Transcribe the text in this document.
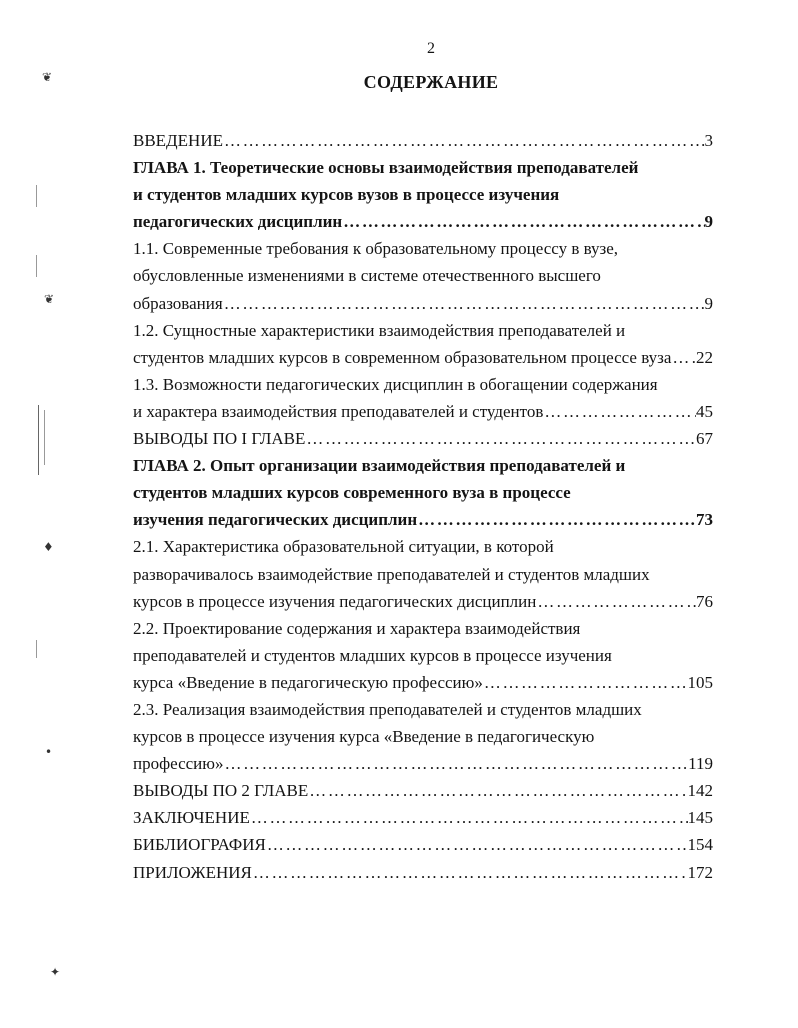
2
СОДЕРЖАНИЕ
❦
❦
♦
•
✦
ВВЕДЕНИЕ ……………………………………………………………………………………………………………………………………	3
ГЛАВА 1. Теоретические основы взаимодействия преподавателей
и студентов младших курсов вузов в процессе изучения
педагогических дисциплин ……………………………………………………………………………………………………………………………………	9
1.1. Современные требования к образовательному процессу в вузе,
обусловленные изменениями в системе отечественного высшего
образования ……………………………………………………………………………………………………………………………………	9
1.2. Сущностные характеристики взаимодействия преподавателей и
студентов младших курсов в современном образовательном процессе вуза …………………………………………………………………………………………………………………………………… 22
1.3. Возможности педагогических дисциплин в обогащении содержания
и характера взаимодействия преподавателей и студентов ……………………………………………………………………………………………………………………………………	45
ВЫВОДЫ ПО I ГЛАВЕ ……………………………………………………………………………………………………………………………………	67
ГЛАВА 2. Опыт организации взаимодействия преподавателей и
студентов младших курсов современного вуза в процессе
изучения педагогических дисциплин ……………………………………………………………………………………………………………………………………	73
2.1. Характеристика образовательной ситуации, в которой
разворачивалось взаимодействие преподавателей и студентов младших
курсов в процессе изучения педагогических дисциплин ……………………………………………………………………………………………………………………………………	76
2.2. Проектирование содержания и характера взаимодействия
преподавателей и студентов младших курсов в процессе изучения
курса «Введение в педагогическую профессию» ……………………………………………………………………………………………………………………………………	105
2.3. Реализация взаимодействия преподавателей и студентов младших
курсов в процессе изучения курса «Введение в педагогическую
профессию» ……………………………………………………………………………………………………………………………………	119
ВЫВОДЫ ПО 2 ГЛАВЕ ……………………………………………………………………………………………………………………………………	142
ЗАКЛЮЧЕНИЕ ……………………………………………………………………………………………………………………………………	145
БИБЛИОГРАФИЯ ……………………………………………………………………………………………………………………………………	154
ПРИЛОЖЕНИЯ ……………………………………………………………………………………………………………………………………	172
